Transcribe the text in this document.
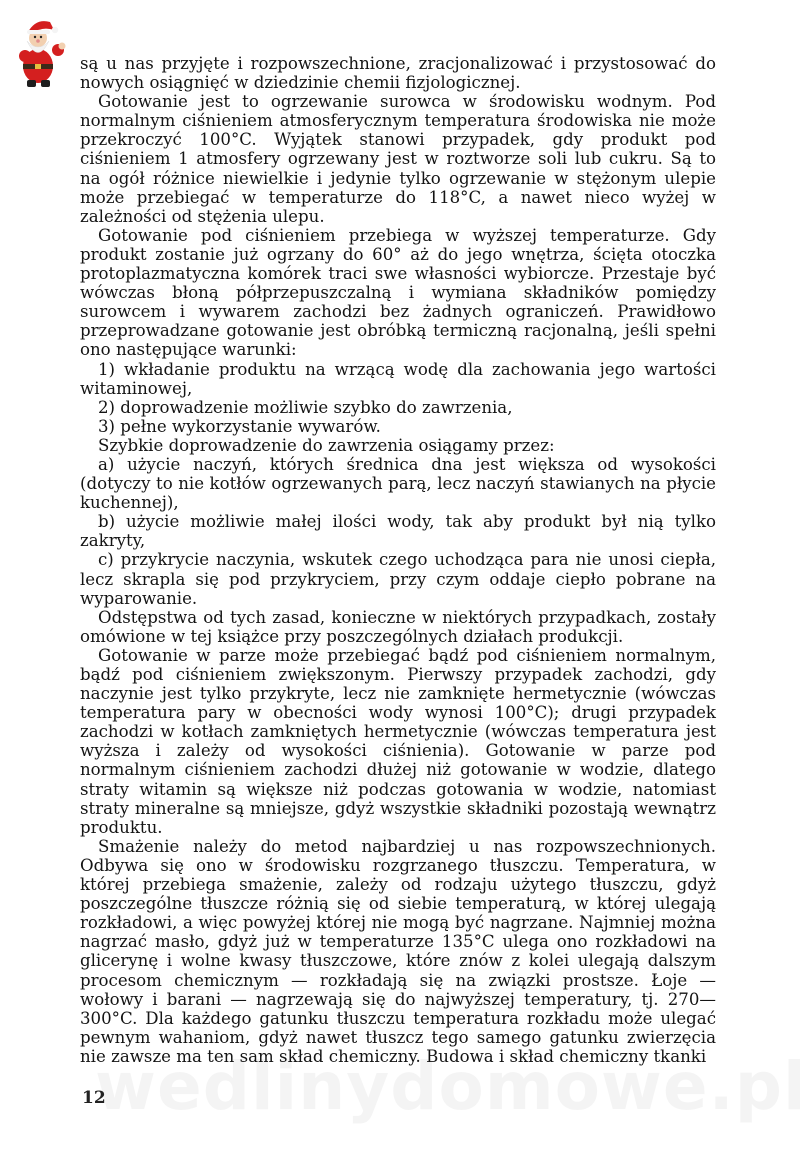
są u nas przyjęte i rozpowszechnione, zracjonalizować i przystosować do nowych osiągnięć w dziedzinie chemii fizjologicznej.

Gotowanie jest to ogrzewanie surowca w środowisku wodnym. Pod normalnym ciśnieniem atmosferycznym temperatura środowiska nie może przekroczyć 100°C. Wyjątek stanowi przypadek, gdy produkt pod ciśnieniem 1 atmosfery ogrzewany jest w roztworze soli lub cukru. Są to na ogół różnice niewielkie i jedynie tylko ogrzewanie w stężonym ulepie może przebiegać w temperaturze do 118°C, a nawet nieco wyżej w zależności od stężenia ulepu.

Gotowanie pod ciśnieniem przebiega w wyższej temperaturze. Gdy produkt zostanie już ogrzany do 60° aż do jego wnętrza, ścięta otoczka protoplazmatyczna komórek traci swe własności wybiorcze. Przestaje być wówczas błoną półprzepuszczalną i wymiana składników pomiędzy surowcem i wywarem zachodzi bez żadnych ograniczeń. Prawidłowo przeprowadzane gotowanie jest obróbką termiczną racjonalną, jeśli spełni ono następujące warunki:

1) wkładanie produktu na wrzącą wodę dla zachowania jego wartości witaminowej,

2) doprowadzenie możliwie szybko do zawrzenia,

3) pełne wykorzystanie wywarów.

Szybkie doprowadzenie do zawrzenia osiągamy przez:

a) użycie naczyń, których średnica dna jest większa od wysokości (dotyczy to nie kotłów ogrzewanych parą, lecz naczyń stawianych na płycie kuchennej),

b) użycie możliwie małej ilości wody, tak aby produkt był nią tylko zakryty,

c) przykrycie naczynia, wskutek czego uchodząca para nie unosi ciepła, lecz skrapla się pod przykryciem, przy czym oddaje ciepło pobrane na wyparowanie.

Odstępstwa od tych zasad, konieczne w niektórych przypadkach, zostały omówione w tej książce przy poszczególnych działach produkcji.

Gotowanie w parze może przebiegać bądź pod ciśnieniem normalnym, bądź pod ciśnieniem zwiększonym. Pierwszy przypadek zachodzi, gdy naczynie jest tylko przykryte, lecz nie zamknięte hermetycznie (wówczas temperatura pary w obecności wody wynosi 100°C); drugi przypadek zachodzi w kotłach zamkniętych hermetycznie (wówczas temperatura jest wyższa i zależy od wysokości ciśnienia). Gotowanie w parze pod normalnym ciśnieniem zachodzi dłużej niż gotowanie w wodzie, dlatego straty witamin są większe niż podczas gotowania w wodzie, natomiast straty mineralne są mniejsze, gdyż wszystkie składniki pozostają wewnątrz produktu.

Smażenie należy do metod najbardziej u nas rozpowszechnionych. Odbywa się ono w środowisku rozgrzanego tłuszczu. Temperatura, w której przebiega smażenie, zależy od rodzaju użytego tłuszczu, gdyż poszczególne tłuszcze różnią się od siebie temperaturą, w której ulegają rozkładowi, a więc powyżej której nie mogą być nagrzane. Najmniej można nagrzać masło, gdyż już w temperaturze 135°C ulega ono rozkładowi na glicerynę i wolne kwasy tłuszczowe, które znów z kolei ulegają dalszym procesom chemicznym — rozkładają się na związki prostsze. Łoje — wołowy i barani — nagrzewają się do najwyższej temperatury, tj. 270—300°C. Dla każdego gatunku tłuszczu temperatura rozkładu może ulegać pewnym wahaniom, gdyż nawet tłuszcz tego samego gatunku zwierzęcia nie zawsze ma ten sam skład chemiczny. Budowa i skład chemiczny tkanki

12
